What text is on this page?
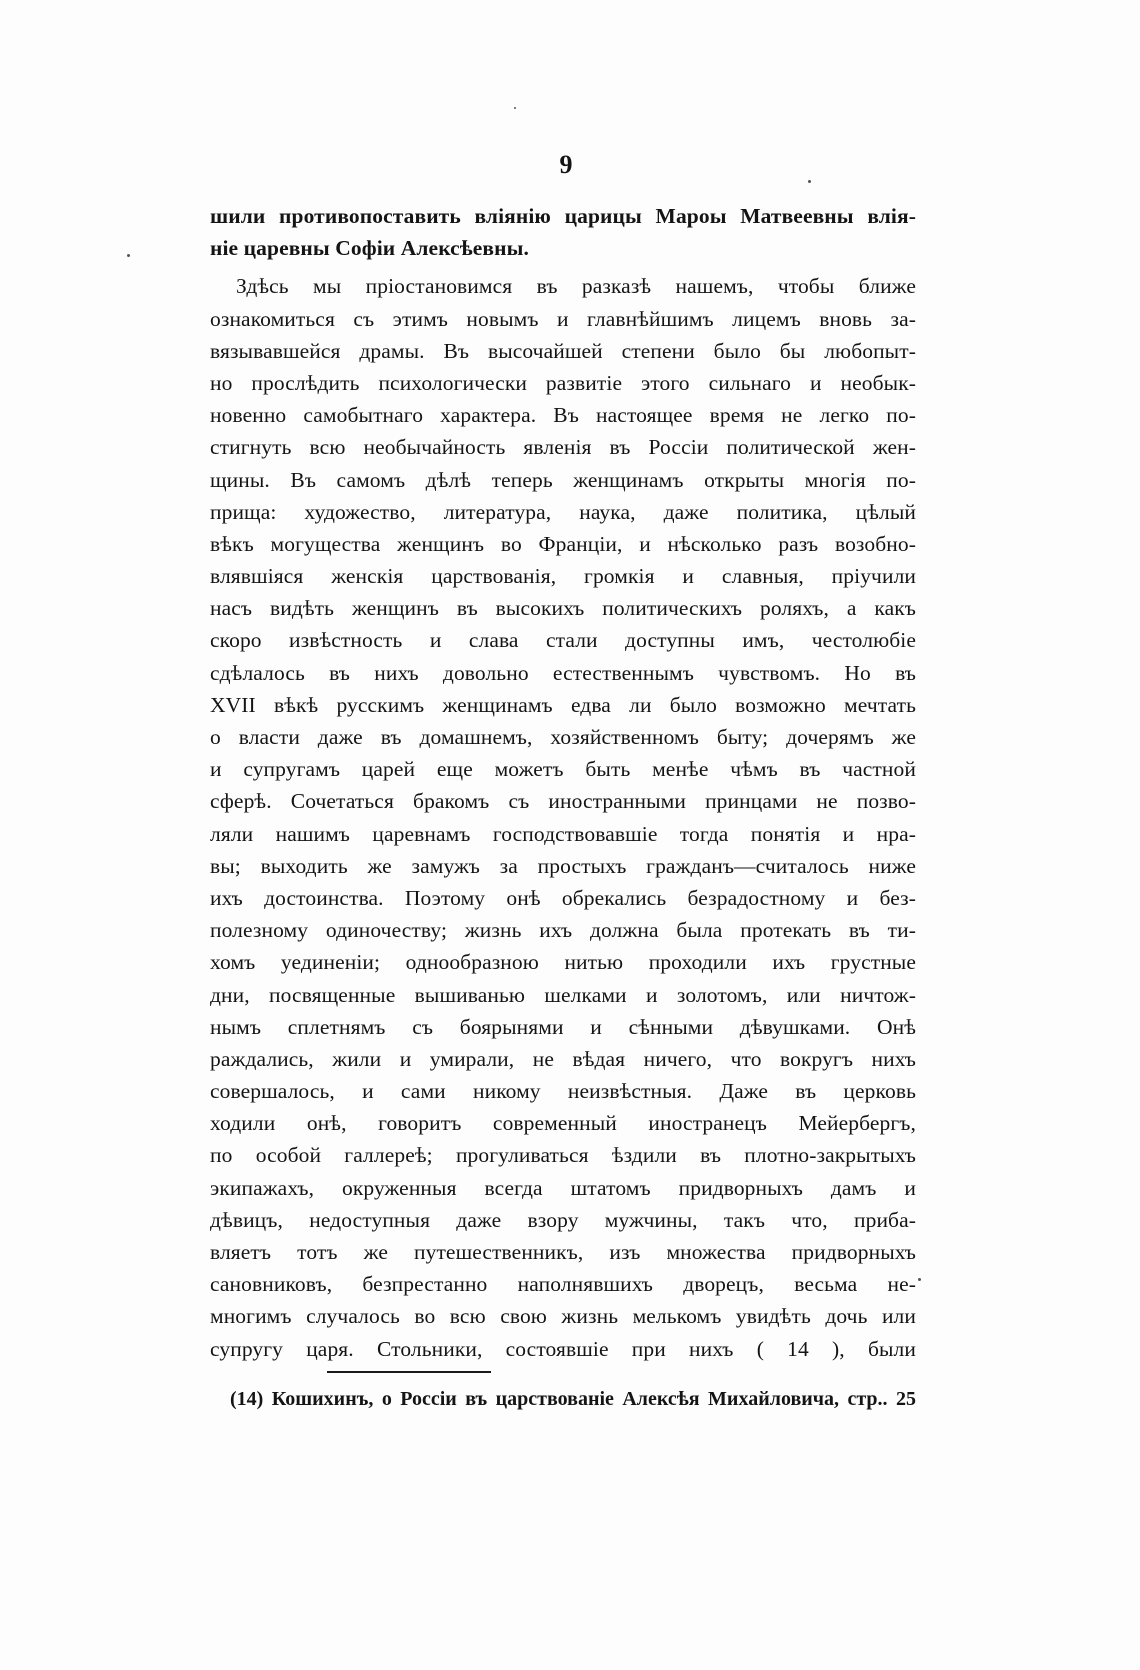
9
шили противопоставить вліянію царицы Мароы Матвеевны влія-
ніе царевны Софіи Алексѣевны.
Здѣсь мы пріостановимся въ разказѣ нашемъ, чтобы ближе
ознакомиться съ этимъ новымъ и главнѣйшимъ лицемъ вновь за-
вязывавшейся драмы. Въ высочайшей степени было бы любопыт-
но прослѣдить психологически развитіе этого сильнаго и необык-
новенно самобытнаго характера. Въ настоящее время не легко по-
стигнуть всю необычайность явленія въ Россіи политической жен-
щины. Въ самомъ дѣлѣ теперь женщинамъ открыты многія по-
прища: художество, литература, наука, даже политика, цѣлый
вѣкъ могущества женщинъ во Франціи, и нѣсколько разъ возобно-
влявшіяся женскія царствованія, громкія и славныя, пріучили
насъ видѣть женщинъ въ высокихъ политическихъ роляхъ, а какъ
скоро извѣстность и слава стали доступны имъ, честолюбіе
сдѣлалось въ нихъ довольно естественнымъ чувствомъ. Но въ
XVII вѣкѣ русскимъ женщинамъ едва ли было возможно мечтать
о власти даже въ домашнемъ, хозяйственномъ быту; дочерямъ же
и супругамъ царей еще можетъ быть менѣе чѣмъ въ частной
сферѣ. Сочетаться бракомъ съ иностранными принцами не позво-
ляли нашимъ царевнамъ господствовавшіе тогда понятія и нра-
вы; выходить же замужъ за простыхъ гражданъ—считалось ниже
ихъ достоинства. Поэтому онѣ обрекались безрадостному и без-
полезному одиночеству; жизнь ихъ должна была протекать въ ти-
хомъ уединеніи; однообразною нитью проходили ихъ грустные
дни, посвященные вышиванью шелками и золотомъ, или ничтож-
нымъ сплетнямъ съ боярынями и сѣнными дѣвушками. Онѣ
раждались, жили и умирали, не вѣдая ничего, что вокругъ нихъ
совершалось, и сами никому неизвѣстныя. Даже въ церковь
ходили онѣ, говоритъ современный иностранецъ Мейербергъ,
по особой галлереѣ; прогуливаться ѣздили въ плотно-закрытыхъ
экипажахъ, окруженныя всегда штатомъ придворныхъ дамъ и
дѣвицъ, недоступныя даже взору мужчины, такъ что, приба-
вляетъ тотъ же путешественникъ, изъ множества придворныхъ
сановниковъ, безпрестанно наполнявшихъ дворецъ, весьма не-
многимъ случалось во всю свою жизнь мелькомъ увидѣть дочь или
супругу царя. Стольники, состоявшіе при нихъ ( 14 ), были
(14) Кошихинъ, о Россіи въ царствованіе Алексѣя Михайловича, стр.. 25
